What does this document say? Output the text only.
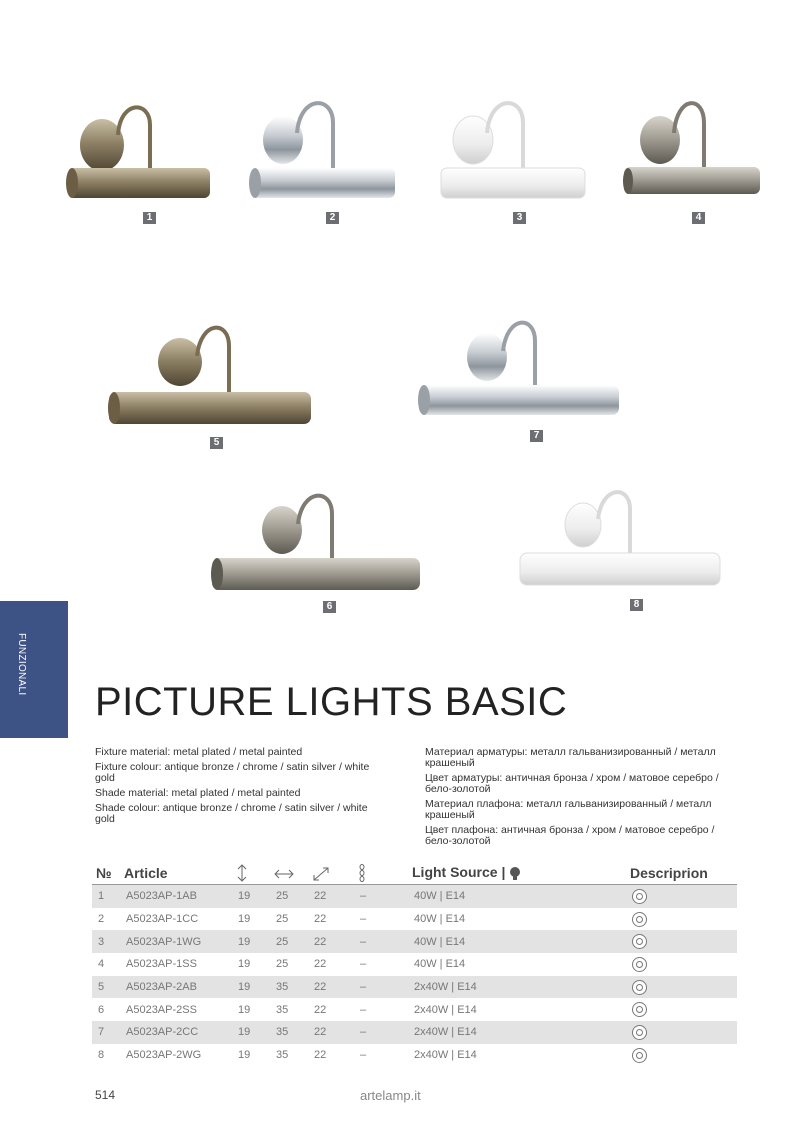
1	2	3	4
5
7
6	8
FUNZIONALI
PICTURE LIGHTS BASIC

Fixture material: metal plated / metal painted

Fixture colour: antique bronze / chrome / satin silver / white gold

Shade material: metal plated / metal painted

Shade colour: antique bronze / chrome / satin silver / white gold

Материал арматуры: металл гальванизированный / металл крашеный

Цвет арматуры: античная бронза / хром / матовое серебро / бело-золотой

Материал плафона: металл гальванизированный / металл крашеный

Цвет плафона: античная бронза / хром / матовое серебро / бело-золотой

№	Article					Light Source |	Descriprion
1	A5023AP-1AB	19	25	22	–	40W | E14	
2	A5023AP-1CC	19	25	22	–	40W | E14	
3	A5023AP-1WG	19	25	22	–	40W | E14	
4	A5023AP-1SS	19	25	22	–	40W | E14	
5	A5023AP-2AB	19	35	22	–	2x40W | E14	
6	A5023AP-2SS	19	35	22	–	2x40W | E14	
7	A5023AP-2CC	19	35	22	–	2x40W | E14	
8	A5023AP-2WG	19	35	22	–	2x40W | E14	
514	artelamp.it
